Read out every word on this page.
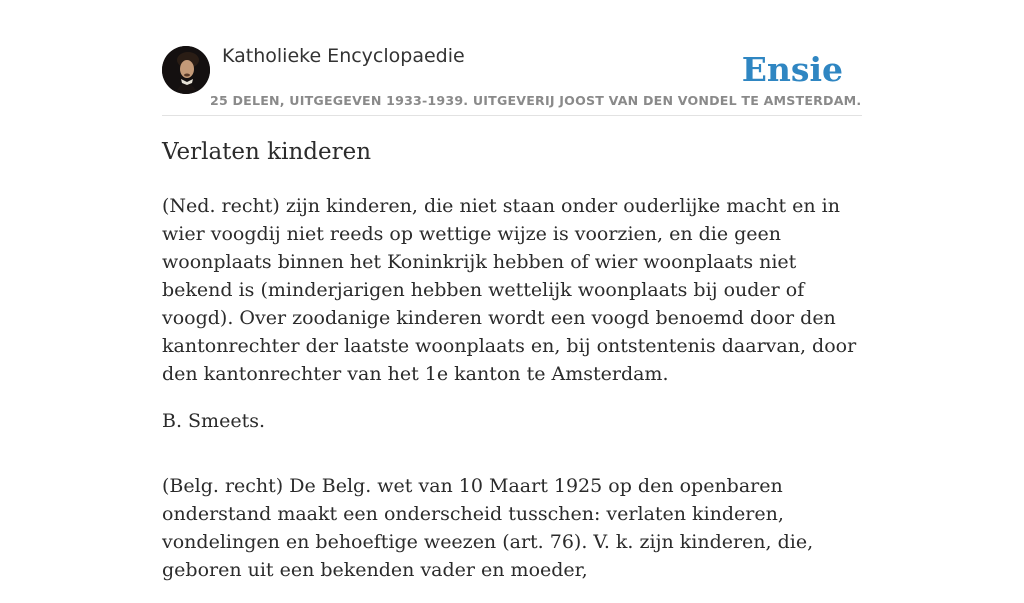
Katholieke Encyclopaedie
25 DELEN, UITGEGEVEN 1933-1939. UITGEVERIJ JOOST VAN DEN VONDEL TE AMSTERDAM.
Ensie
Verlaten kinderen

(Ned. recht) zijn kinderen, die niet staan onder ouderlijke macht en in wier voogdij niet reeds op wettige wijze is voorzien, en die geen woonplaats binnen het Koninkrijk hebben of wier woonplaats niet bekend is (minderjarigen hebben wettelijk woonplaats bij ouder of voogd). Over zoodanige kinderen wordt een voogd benoemd door den kantonrechter der laatste woonplaats en, bij ontstentenis daarvan, door den kantonrechter van het 1e kanton te Amsterdam.

B. Smeets.

(Belg. recht) De Belg. wet van 10 Maart 1925 op den openbaren onderstand maakt een onderscheid tusschen: verlaten kinderen, vondelingen en behoeftige weezen (art. 76). V. k. zijn kinderen, die, geboren uit een bekenden vader en moeder,
